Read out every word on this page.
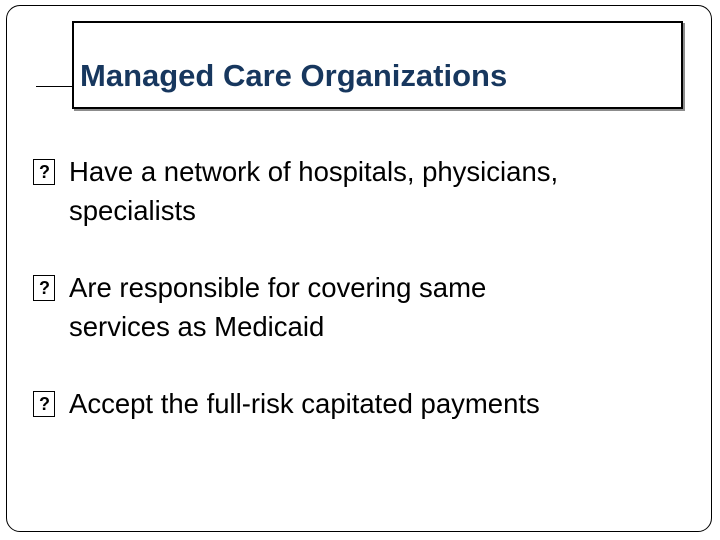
Managed Care Organizations
?
Have a network of hospitals, physicians,
specialists
?
Are responsible for covering same
services as Medicaid
?
Accept the full-risk capitated payments
